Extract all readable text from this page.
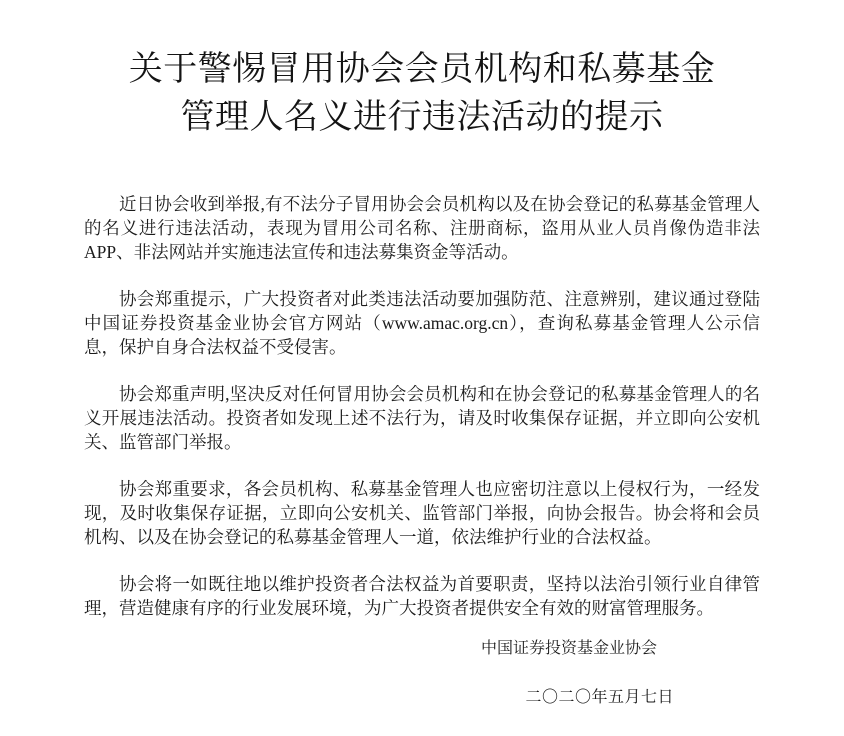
关于警惕冒用协会会员机构和私募基金
管理人名义进行违法活动的提示

近日协会收到举报,有不法分子冒用协会会员机构以及在协会登记的私募基金管理人的名义进行违法活动，表现为冒用公司名称、注册商标，盗用从业人员肖像伪造非法 APP、非法网站并实施违法宣传和违法募集资金等活动。

协会郑重提示，广大投资者对此类违法活动要加强防范、注意辨别，建议通过登陆中国证券投资基金业协会官方网站（www.amac.org.cn），查询私募基金管理人公示信息，保护自身合法权益不受侵害。

协会郑重声明,坚决反对任何冒用协会会员机构和在协会登记的私募基金管理人的名义开展违法活动。投资者如发现上述不法行为，请及时收集保存证据，并立即向公安机关、监管部门举报。

协会郑重要求，各会员机构、私募基金管理人也应密切注意以上侵权行为，一经发现，及时收集保存证据，立即向公安机关、监管部门举报，向协会报告。协会将和会员机构、以及在协会登记的私募基金管理人一道，依法维护行业的合法权益。

协会将一如既往地以维护投资者合法权益为首要职责，坚持以法治引领行业自律管理，营造健康有序的行业发展环境，为广大投资者提供安全有效的财富管理服务。

中国证券投资基金业协会
二〇二〇年五月七日
